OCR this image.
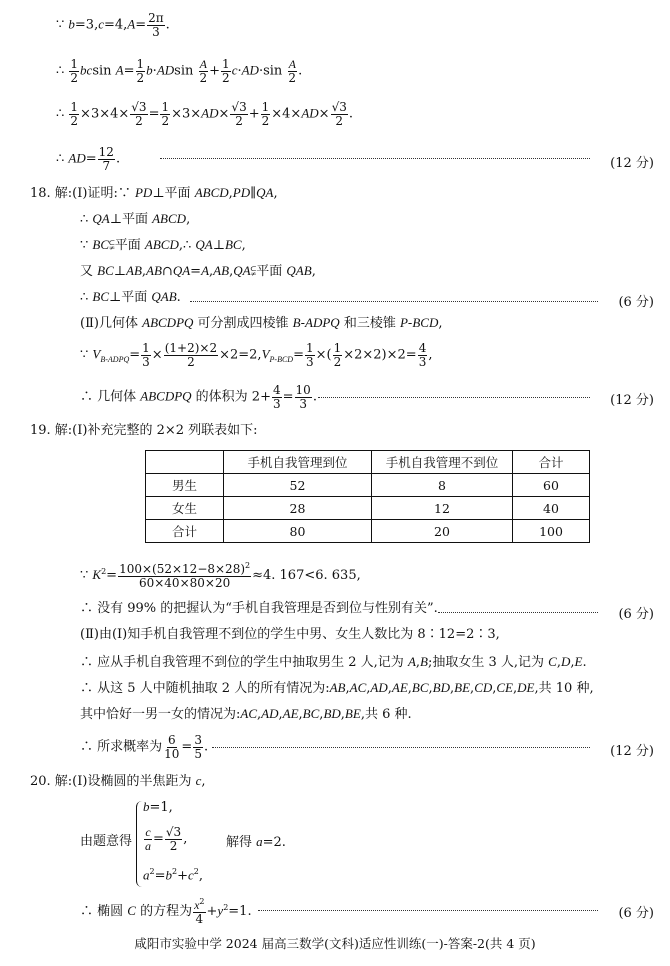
∵ $b=3,c=4,A= \frac{2\pi}{3}$ .
∴ $\frac{1}{2}$ bcsin $A= \frac{1}{2} b\cdot ADsin \frac{A}{2} + \frac{1}{2} c\cdot AD\cdot\sin \frac{A}{2}$ .
∴ $\frac{1}{2} \times 3\times 4\times \frac{√3}{2} = \frac{1}{2} \times 3\times AD\times \frac{√3}{2} + \frac{1}{2} \times 4\times AD\times \frac{√3}{2}$ .
∴ $AD= \frac{12}{7}$ .	(12 分)
18. 解:(Ⅰ)证明:∵ PD⊥平面 ABCD,PD∥QA,
∴ QA⊥平面 ABCD,
∵ BC⫋平面 ABCD,∴ QA⊥BC,
又 BC⊥AB,AB∩QA=A,AB,QA⫋平面 QAB,
∴ BC⊥平面 QAB.	(6 分)
(Ⅱ)几何体 ABCDPQ 可分割成四棱锥 B-ADPQ 和三棱锥 P-BCD,
∵ $V_{B-ADPQ}= \frac{1}{3} \times \frac{(1+2)\times 2}{2} \times 2=2,V_{P-BCD}= \frac{1}{3}$ ×( $\frac{1}{2} \times 2\times 2)\times 2= \frac{4}{3}$ ,
∴ 几何体 ABCDPQ 的体积为 $2+ \frac{4}{3} = \frac{10}{3}$ .	(12 分)
19. 解:(Ⅰ)补充完整的 2×2 列联表如下:
	手机自我管理到位	手机自我管理不到位	合计
男生	52	8	60
女生	28	12	40
合计	80	20	100
∵ $K^2= \frac{100\times(52\times 12-8\times 28)^2}{60\times 40\times 80\times 20} \approx 4$. 167<6. 635,
∴ 没有 99% 的把握认为“手机自我管理是否到位与性别有关”.	(6 分)
(Ⅱ)由(Ⅰ)知手机自我管理不到位的学生中男、女生人数比为 8∶12=2∶3,
∴ 应从手机自我管理不到位的学生中抽取男生 2 人,记为 A,B;抽取女生 3 人,记为 C,D,E.
∴ 从这 5 人中随机抽取 2 人的所有情况为:AB,AC,AD,AE,BC,BD,BE,CD,CE,DE,共 10 种,
其中恰好一男一女的情况为:AC,AD,AE,BC,BD,BE,共 6 种.
∴ 所求概率为 $\frac{6}{10} = \frac{3}{5}$ .	(12 分)
20. 解:(Ⅰ)设椭圆的半焦距为 c,
由题意得
b=1,
$\frac{c}{a} = \frac{√3}{2}$ ,
$a^2=b^2+c^2$,
解得 a=2.
∴ 椭圆 C 的方程为 $\frac{x^2}{4} +y^2=1$.	(6 分)
咸阳市实验中学 2024 届高三数学(文科)适应性训练(一)-答案-2(共 4 页)
